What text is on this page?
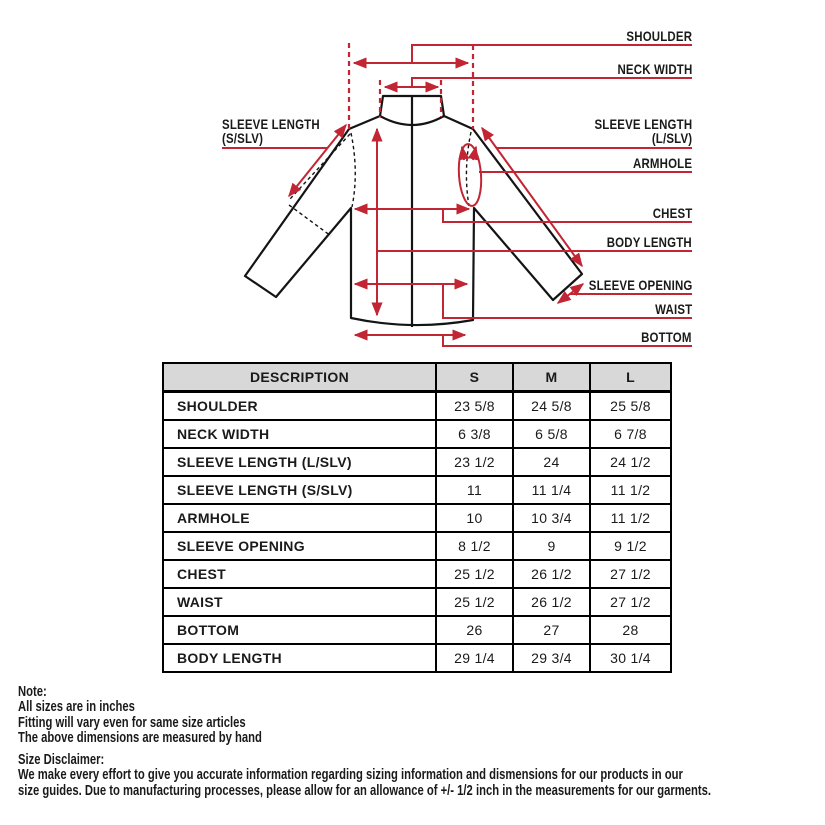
SHOULDER
NECK WIDTH
SLEEVE LENGTH
(S/SLV)
SLEEVE LENGTH
(L/SLV)
ARMHOLE
CHEST
BODY LENGTH
SLEEVE OPENING
WAIST
BOTTOM
DESCRIPTION	S	M	L
SHOULDER	23 5/8	24 5/8	25 5/8
NECK WIDTH	6 3/8	6 5/8	6 7/8
SLEEVE LENGTH (L/SLV)	23 1/2	24	24 1/2
SLEEVE LENGTH (S/SLV)	11	11 1/4	11 1/2
ARMHOLE	10	10 3/4	11 1/2
SLEEVE OPENING	8 1/2	9	9 1/2
CHEST	25 1/2	26 1/2	27 1/2
WAIST	25 1/2	26 1/2	27 1/2
BOTTOM	26	27	28
BODY LENGTH	29 1/4	29 3/4	30 1/4
Note:
All sizes are in inches
Fitting will vary even for same size articles
The above dimensions are measured by hand
Size Disclaimer:
We make every effort to give you accurate information regarding sizing information and dismensions for our products in our
size guides. Due to manufacturing processes, please allow for an allowance of +/- 1/2 inch in the measurements for our garments.
